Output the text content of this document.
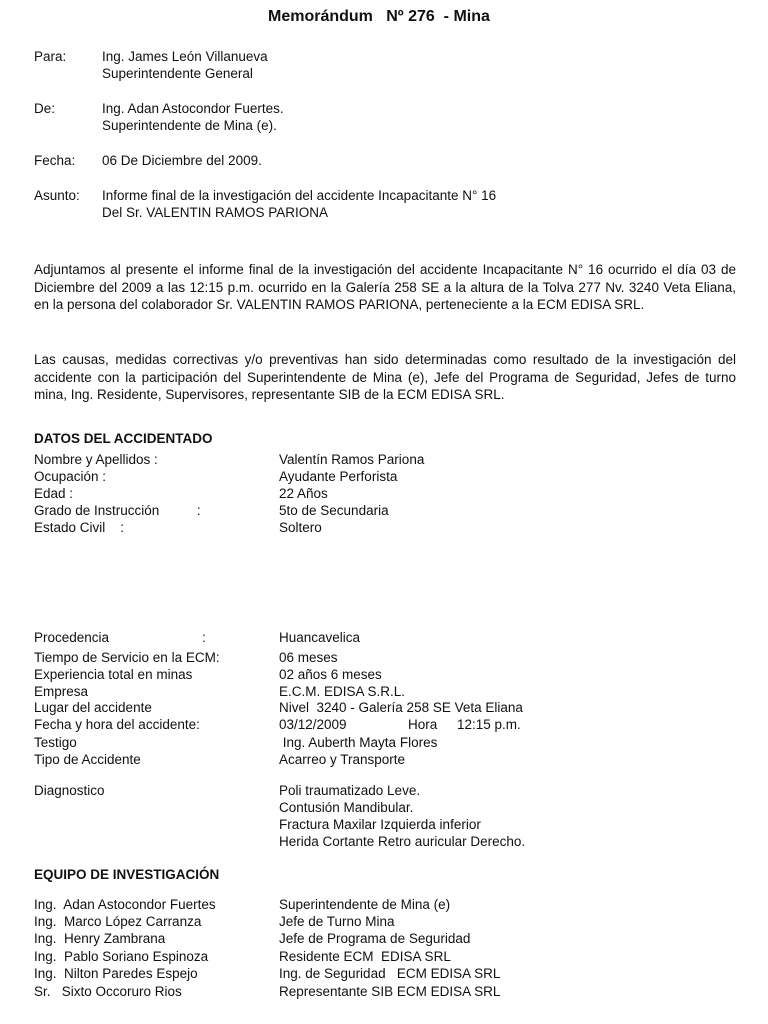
Memorándum   Nº 276  - Mina
Para:	Ing. James León Villanueva
Superintendente General
De:	Ing. Adan Astocondor Fuertes.
Superintendente de Mina (e).
Fecha: 06 De Diciembre del 2009.
Asunto: Informe final de la investigación del accidente Incapacitante N° 16
Del Sr. VALENTIN RAMOS PARIONA
Adjuntamos al presente el informe final de la investigación del accidente Incapacitante N° 16 ocurrido el día 03 de Diciembre del 2009 a las 12:15 p.m. ocurrido en la Galería 258 SE a la altura de la Tolva 277 Nv. 3240 Veta Eliana, en la persona del colaborador Sr. VALENTIN RAMOS PARIONA, perteneciente a la ECM EDISA SRL.
Las causas, medidas correctivas y/o preventivas han sido determinadas como resultado de la investigación del accidente con la participación del Superintendente de Mina (e), Jefe del Programa de Seguridad, Jefes de turno mina, Ing. Residente, Supervisores, representante SIB de la ECM EDISA SRL.
DATOS DEL ACCIDENTADO
Nombre y Apellidos :	Valentín Ramos Pariona
Ocupación :	Ayudante Perforista
Edad :	22 Años
Grado de Instrucción          :	5to de Secundaria
Estado Civil    :	Soltero
Procedencia	:	Huancavelica
Tiempo de Servicio en la ECM:	06 meses
Experiencia total en minas	02 años 6 meses
Empresa	E.C.M. EDISA S.R.L.
Lugar del accidente	Nivel  3240 - Galería 258 SE Veta Eliana
Fecha y hora del accidente:	03/12/2009	Hora 12:15 p.m.
Testigo	Ing. Auberth Mayta Flores
Tipo de Accidente	Acarreo y Transporte
Diagnostico	Poli traumatizado Leve.
Contusión Mandibular.
Fractura Maxilar Izquierda inferior
Herida Cortante Retro auricular Derecho.
EQUIPO DE INVESTIGACIÓN
Ing.  Adan Astocondor Fuertes	Superintendente de Mina (e)
Ing.  Marco López Carranza	Jefe de Turno Mina
Ing.  Henry Zambrana	Jefe de Programa de Seguridad
Ing.  Pablo Soriano Espinoza	Residente ECM  EDISA SRL
Ing.  Nilton Paredes Espejo	Ing. de Seguridad   ECM EDISA SRL
Sr.   Sixto Occoruro Rios	Representante SIB ECM EDISA SRL
